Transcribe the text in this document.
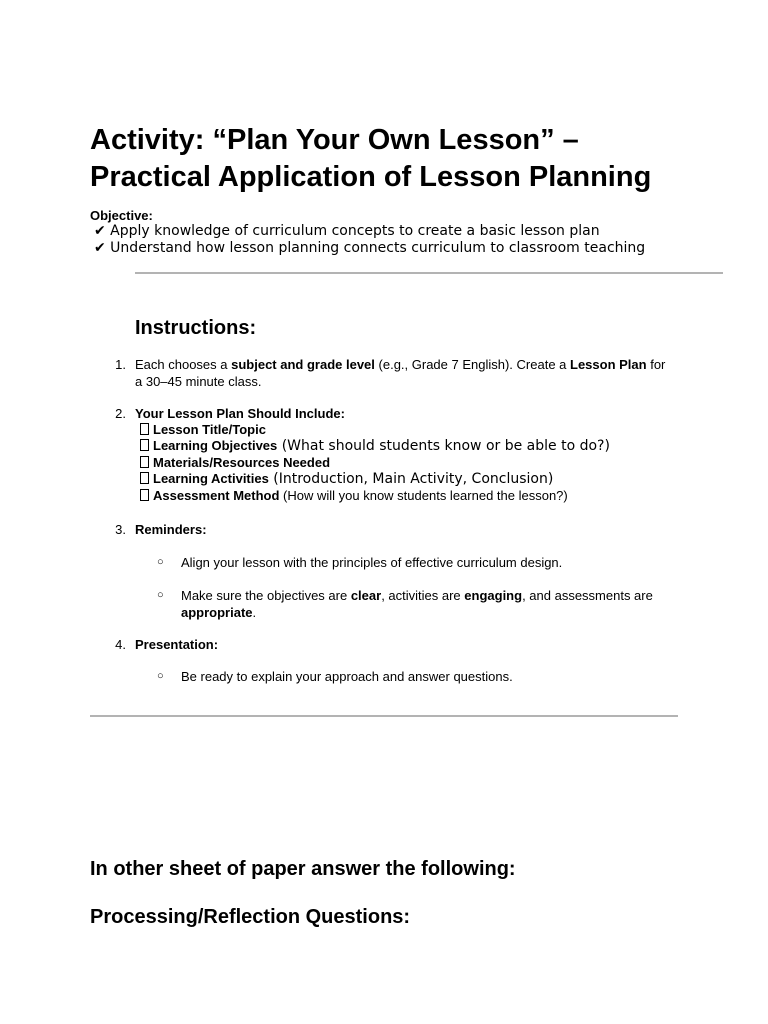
Activity: “Plan Your Own Lesson” –
Practical Application of Lesson Planning
Objective:
✔ Apply knowledge of curriculum concepts to create a basic lesson plan
✔ Understand how lesson planning connects curriculum to classroom teaching
Instructions:
1. Each chooses a subject and grade level (e.g., Grade 7 English). Create a Lesson Plan for a 30–45 minute class.
2. Your Lesson Plan Should Include:
Lesson Title/Topic
Learning Objectives (What should students know or be able to do?)
Materials/Resources Needed
Learning Activities (Introduction, Main Activity, Conclusion)
Assessment Method (How will you know students learned the lesson?)
3. Reminders:
○ Align your lesson with the principles of effective curriculum design.
○ Make sure the objectives are clear, activities are engaging, and assessments are appropriate.
4. Presentation:
○ Be ready to explain your approach and answer questions.
In other sheet of paper answer the following:
Processing/Reflection Questions:
